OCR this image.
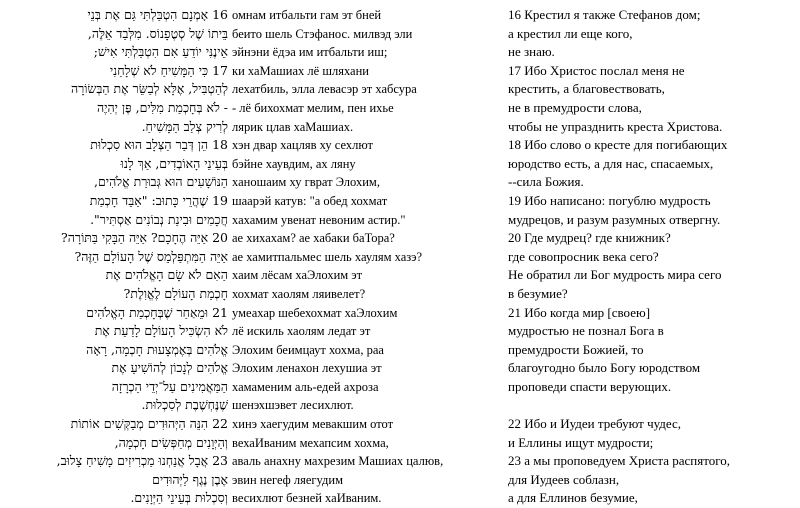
16 אָמְנָם הִטְבַּלְתִּי גַּם אֶת בְּנֵי
בֵּיתוֹ שֶׁל סְטֶפָנוֹס. מִלְּבַד אֵלֶּה,
אֵינֶנִּי יוֹדֵעַ אִם הִטְבַּלְתִּי אִישׁ;
17 כִּי הַמָּשִׁיחַ לֹא שְׁלָחַנִי
לְהַטְבִּיל, אֶלָּא לְבַשֵּׂר אֶת הַבְּשׂוֹרָה
- לֹא בְּחָכְמַת מִלִּים, פֶּן יְהִיֶה
לְרִיק צְלַב הַמָּשִׁיחַ.
18 הֵן דְּבַר הַצְּלָב הוּא סִכְלוּת
בְּעֵינֵי הָאוֹבְדִים, אַךְ לָנוּ
הַנּוֹשָׁעִים הוּא גְּבוּרַת אֱלֹהִים,
19 שֶׁהֲרֵי כָּתוּב: "אַבֵּד חָכְמַת
חֲכָמִים וּבִינַת נְבוֹנִים אַסְתִּיר".
20 אַיֵּה הֶחָכָם? אַיֵּה הַבָּקִי בַּתּוֹרָה?
אַיֵּה הַמִּתְפַּלְמֵס שֶׁל הָעוֹלָם הַזֶּה?
הַאִם לֹא שָׂם הָאֱלֹהִים אֶת
חָכְמַת הָעוֹלָם לֶאֱוִלֶת?
21 וּמֵאַחַר שֶׁבְּחָכְמַת הָאֱלֹהִים
לֹא הִשְׂכִּיל הָעוֹלָם לָדַעַת אֶת
אֱלֹהִים בְּאֶמְצָעוּת חָכְמָה, רָאָה
אֱלֹהִים לְנָכוֹן לְהוֹשִׁיעַ אֶת
הַמַּאֲמִינִים עַל־יְדֵי הַכְרָזָה
שֶׁנֶּחְשֶׁבֶת לְסִכְלוּת.
22 הִנֵּה הַיְּהוּדִים מְבַקְּשִׁים אוֹתוֹת
וְהַיְּוָנִים מְחַפְּשִׂים חָכְמָה,
23 אֲבָל אֲנַחְנוּ מַכְרִיזִים מָשִׁיחַ צָלוּב,
אֶבֶן נֶגֶף לַיְּהוּדִים
וְסִכְלוּת בְּעֵינֵי הַיְּוָנִים.
омнам итбальти гам эт бней
беито шель Стэфанос. милвэд эли
эйнэни ёдэа им итбальти иш;
ки хаМашиах лё шляхани
лехатбиль, элла левасэр эт хабсура
- лё бихохмат мелим, пен ихье
лярик цлав хаМашиах.
хэн двар хацляв ху сехлют
бэйне хаувдим, ах ляну
ханошаим ху гврат Элохим,
шаарэй катув: "а обед хохмат
хахамим увенат невоним астир."
ае хихахам? ае хабаки баТора?
ае хамитпальмес шель хаулям хазэ?
хаим лёсам хаЭлохим эт
хохмат хаолям ляивелет?
умеахар шебехохмат хаЭлохим
лё искиль хаолям ледат эт
Элохим беимцаут хохма, раа
Элохим ленахон лехушиа эт
хамаменим аль-едей ахроза
шенэхшэвет лесихлют.
хинэ хаегудим мевакшим отот
вехаИваним мехапсим хохма,
аваль анахну махрезим Машиах цалюв,
эвин негеф ляегудим
весихлют безней хаИваним.
16 Крестил я также Стефанов дом;
а крестил ли еще кого,
не знаю.
17 Ибо Христос послал меня не
крестить, а благовествовать,
не в премудрости слова,
чтобы не упразднить креста Христова.
18 Ибо слово о кресте для погибающих
юродство есть, а для нас, спасаемых,
--сила Божия.
19 Ибо написано: погублю мудрость
мудрецов, и разум разумных отвергну.
20 Где мудрец? где книжник?
где совопросник века сего?
Не обратил ли Бог мудрость мира сего
в безумие?
21 Ибо когда мир [своею]
мудростью не познал Бога в
премудрости Божией, то
благоугодно было Богу юродством
проповеди спасти верующих.
22 Ибо и Иудеи требуют чудес,
и Еллины ищут мудрости;
23 а мы проповедуем Христа распятого,
для Иудеев соблазн,
а для Еллинов безумие,
